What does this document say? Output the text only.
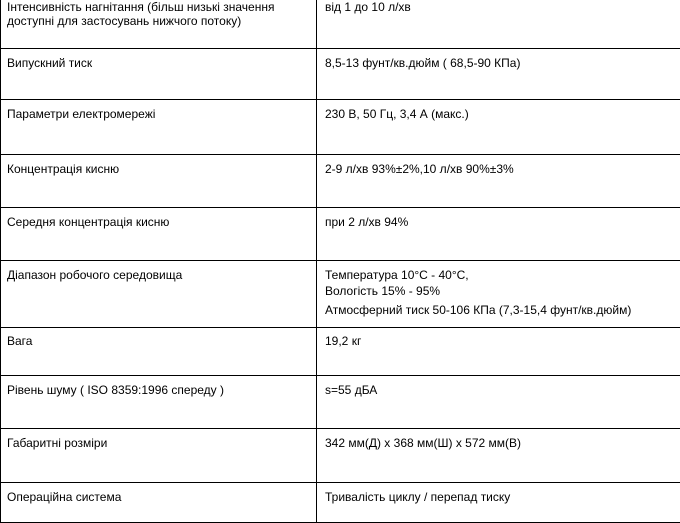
Інтенсивність нагнітання (більш низькі значення доступні для застосувань нижчого потоку)	від 1 до 10 л/хв

Випускний тиск	8,5-13 фунт/кв.дюйм ( 68,5-90 КПа)

Параметри електромережі	230 В, 50 Гц, 3,4 А (макс.)

Концентрація кисню	2-9 л/хв 93%±2%,10 л/хв 90%±3%

Середня концентрація кисню	при 2 л/хв 94%

Діапазон робочого середовища	Температура 10°C - 40°C,
Вологість 15% - 95%
Атмосферний тиск 50-106 КПа (7,3-15,4 фунт/кв.дюйм)

Вага	19,2 кг

Рівень шуму ( ISO 8359:1996 спереду )	s=55 дБА

Габаритні розміри	342 мм(Д) x 368 мм(Ш) x 572 мм(В)

Операційна система	Тривалість циклу / перепад тиску
